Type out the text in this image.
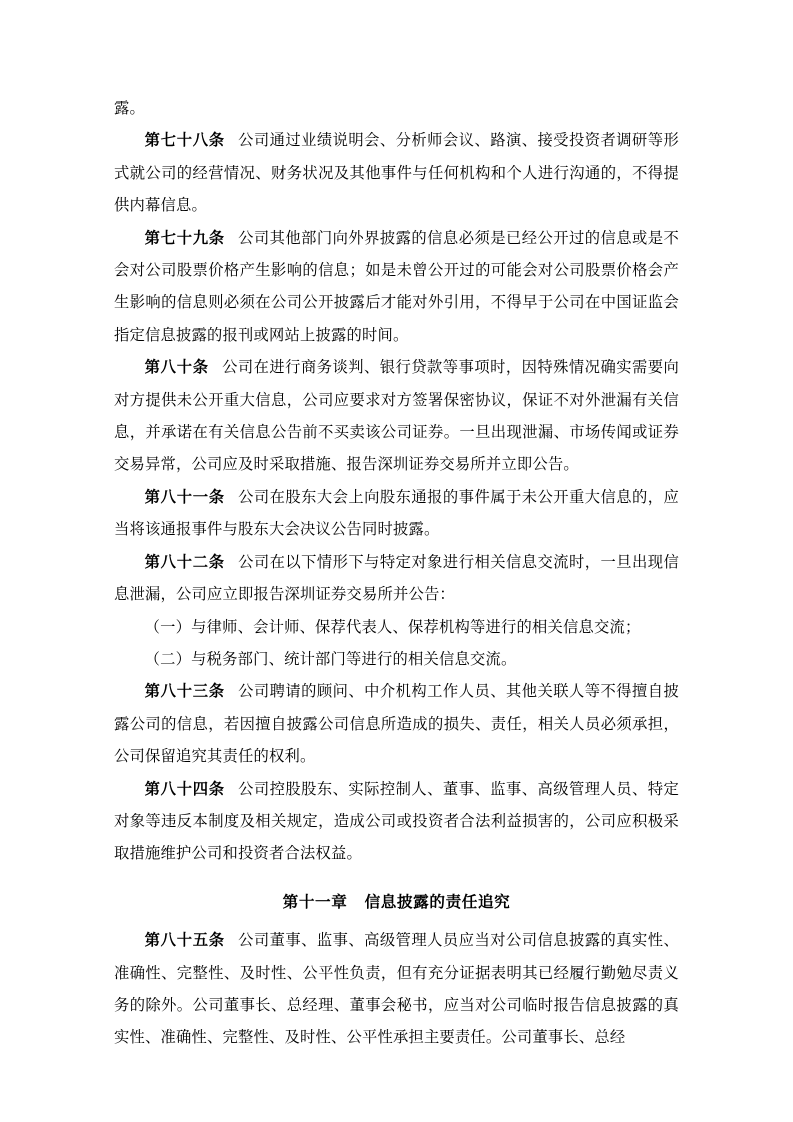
露。

第七十八条 公司通过业绩说明会、分析师会议、路演、接受投资者调研等形式就公司的经营情况、财务状况及其他事件与任何机构和个人进行沟通的，不得提供内幕信息。

第七十九条 公司其他部门向外界披露的信息必须是已经公开过的信息或是不会对公司股票价格产生影响的信息；如是未曾公开过的可能会对公司股票价格会产生影响的信息则必须在公司公开披露后才能对外引用，不得早于公司在中国证监会指定信息披露的报刊或网站上披露的时间。

第八十条 公司在进行商务谈判、银行贷款等事项时，因特殊情况确实需要向对方提供未公开重大信息，公司应要求对方签署保密协议，保证不对外泄漏有关信息，并承诺在有关信息公告前不买卖该公司证券。一旦出现泄漏、市场传闻或证券交易异常，公司应及时采取措施、报告深圳证券交易所并立即公告。

第八十一条 公司在股东大会上向股东通报的事件属于未公开重大信息的，应当将该通报事件与股东大会决议公告同时披露。

第八十二条 公司在以下情形下与特定对象进行相关信息交流时，一旦出现信息泄漏，公司应立即报告深圳证券交易所并公告：

（一）与律师、会计师、保荐代表人、保荐机构等进行的相关信息交流；

（二）与税务部门、统计部门等进行的相关信息交流。

第八十三条 公司聘请的顾问、中介机构工作人员、其他关联人等不得擅自披露公司的信息，若因擅自披露公司信息所造成的损失、责任，相关人员必须承担，公司保留追究其责任的权利。

第八十四条 公司控股股东、实际控制人、董事、监事、高级管理人员、特定对象等违反本制度及相关规定，造成公司或投资者合法利益损害的，公司应积极采取措施维护公司和投资者合法权益。

第十一章 信息披露的责任追究

第八十五条 公司董事、监事、高级管理人员应当对公司信息披露的真实性、准确性、完整性、及时性、公平性负责，但有充分证据表明其已经履行勤勉尽责义务的除外。公司董事长、总经理、董事会秘书，应当对公司临时报告信息披露的真实性、准确性、完整性、及时性、公平性承担主要责任。公司董事长、总经
